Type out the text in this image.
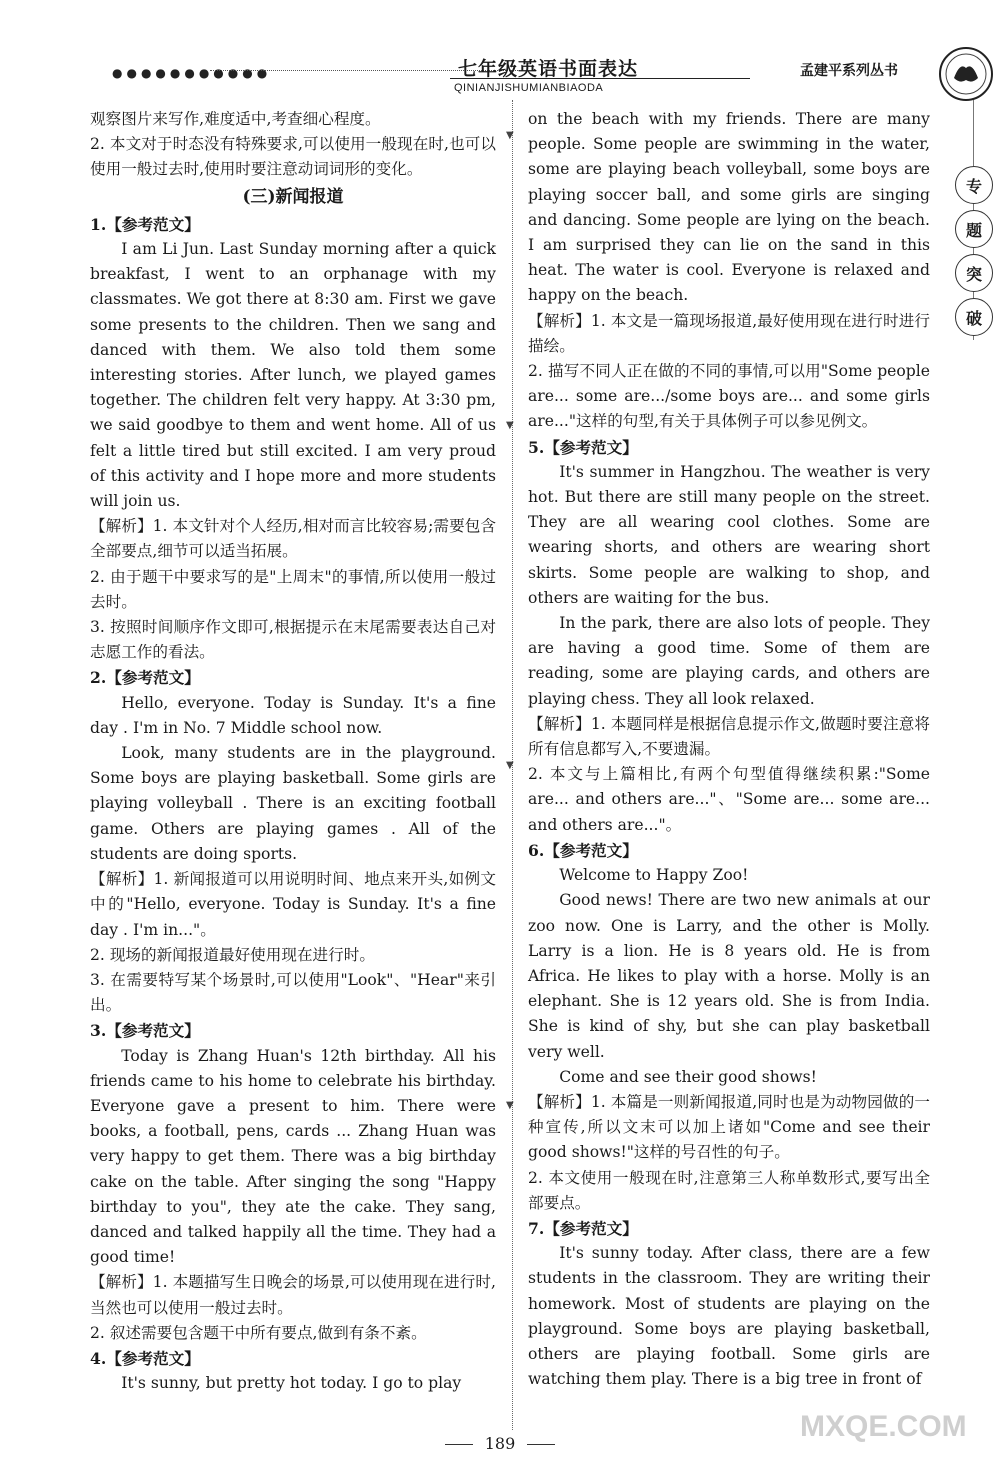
●●●●●●●●●●●	七年级英语书面表达
QINIANJISHUMIANBIAODA
孟建平系列丛书
专
题
突
破

观察图片来写作,难度适中,考查细心程度。

2. 本文对于时态没有特殊要求,可以使用一般现在时,也可以使用一般过去时,使用时要注意动词词形的变化。

(三)新闻报道

1.【参考范文】

I am Li Jun. Last Sunday morning after a quick breakfast, I went to an orphanage with my classmates. We got there at 8:30 am. First we gave some presents to the children. Then we sang and danced with them. We also told them some interesting stories. After lunch, we played games together. The children felt very happy. At 3:30 pm, we said goodbye to them and went home. All of us felt a little tired but still excited. I am very proud of this activity and I hope more and more students will join us.

【解析】1. 本文针对个人经历,相对而言比较容易;需要包含全部要点,细节可以适当拓展。

2. 由于题干中要求写的是"上周末"的事情,所以使用一般过去时。

3. 按照时间顺序作文即可,根据提示在末尾需要表达自己对志愿工作的看法。

2.【参考范文】

Hello, everyone. Today is Sunday. It's a fine day . I'm in No. 7 Middle school now.

Look, many students are in the playground. Some boys are playing basketball. Some girls are playing volleyball . There is an exciting football game. Others are playing games . All of the students are doing sports.

【解析】1. 新闻报道可以用说明时间、地点来开头,如例文中的"Hello, everyone. Today is Sunday. It's a fine day . I'm in..."。

2. 现场的新闻报道最好使用现在进行时。

3. 在需要特写某个场景时,可以使用"Look"、"Hear"来引出。

3.【参考范文】

Today is Zhang Huan's 12th birthday. All his friends came to his home to celebrate his birthday. Everyone gave a present to him. There were books, a football, pens, cards ... Zhang Huan was very happy to get them. There was a big birthday cake on the table. After singing the song "Happy birthday to you", they ate the cake. They sang, danced and talked happily all the time. They had a good time!

【解析】1. 本题描写生日晚会的场景,可以使用现在进行时,当然也可以使用一般过去时。

2. 叙述需要包含题干中所有要点,做到有条不紊。

4.【参考范文】

It's sunny, but pretty hot today. I go to play

▼
▼
▼
▼

on the beach with my friends. There are many people. Some people are swimming in the water, some are playing beach volleyball, some boys are playing soccer ball, and some girls are singing and dancing. Some people are lying on the beach. I am surprised they can lie on the sand in this heat. The water is cool. Everyone is relaxed and happy on the beach.

【解析】1. 本文是一篇现场报道,最好使用现在进行时进行描绘。

2. 描写不同人正在做的不同的事情,可以用"Some people are... some are.../some boys are... and some girls are..."这样的句型,有关于具体例子可以参见例文。

5.【参考范文】

It's summer in Hangzhou. The weather is very hot. But there are still many people on the street. They are all wearing cool clothes. Some are wearing shorts, and others are wearing short skirts. Some people are walking to shop, and others are waiting for the bus.

In the park, there are also lots of people. They are having a good time. Some of them are reading, some are playing cards, and others are playing chess. They all look relaxed.

【解析】1. 本题同样是根据信息提示作文,做题时要注意将所有信息都写入,不要遗漏。

2. 本文与上篇相比,有两个句型值得继续积累:"Some are... and others are..."、"Some are... some are... and others are..."。

6.【参考范文】

Welcome to Happy Zoo!

Good news! There are two new animals at our zoo now. One is Larry, and the other is Molly. Larry is a lion. He is 8 years old. He is from Africa. He likes to play with a horse. Molly is an elephant. She is 12 years old. She is from India. She is kind of shy, but she can play basketball very well.

Come and see their good shows!

【解析】1. 本篇是一则新闻报道,同时也是为动物园做的一种宣传,所以文末可以加上诸如"Come and see their good shows!"这样的号召性的句子。

2. 本文使用一般现在时,注意第三人称单数形式,要写出全部要点。

7.【参考范文】

It's sunny today. After class, there are a few students in the classroom. They are writing their homework. Most of students are playing on the playground. Some boys are playing basketball, others are playing football. Some girls are watching them play. There is a big tree in front of

189
MXQE.COM
